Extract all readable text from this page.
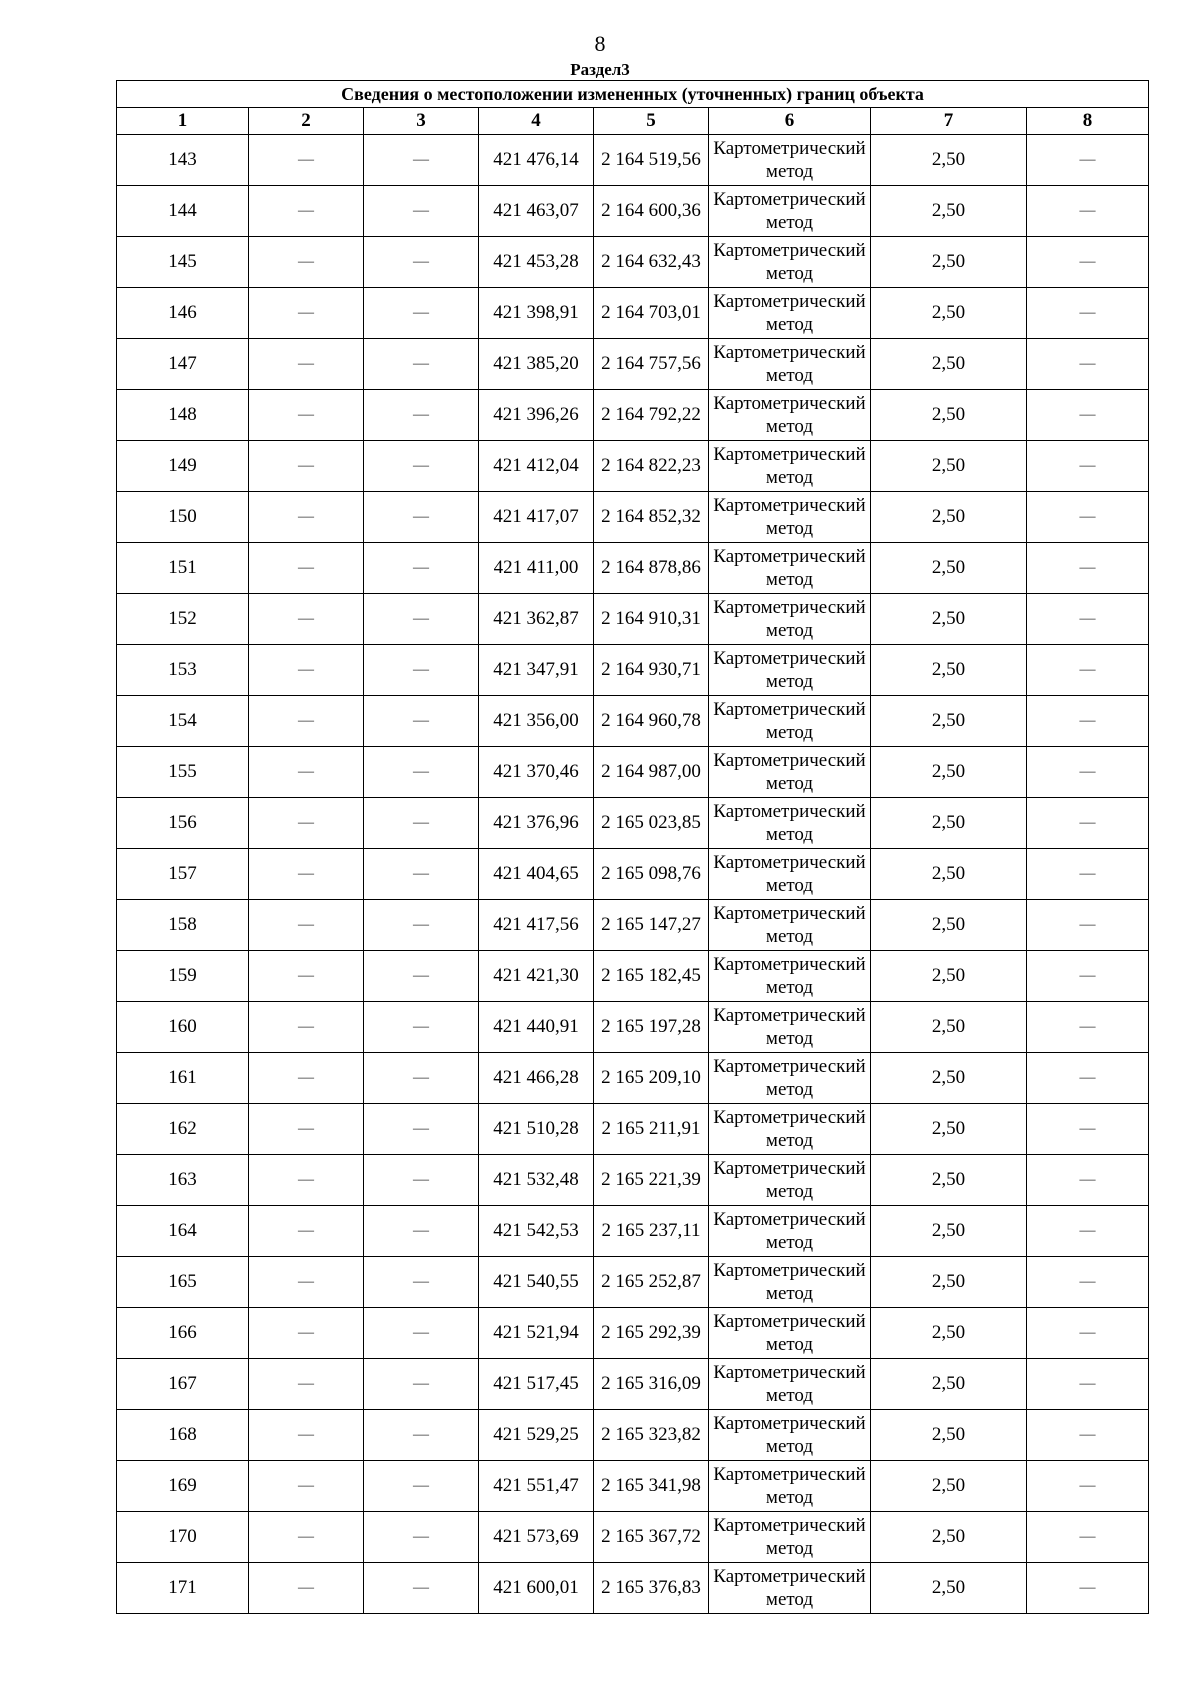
8
Раздел3
Сведения о местоположении измененных (уточненных) границ объекта							
1	2	3	4	5	6	7	8
143	—	—	421 476,14	2 164 519,56	Картометрический метод	2,50	—
144	—	—	421 463,07	2 164 600,36	Картометрический метод	2,50	—
145	—	—	421 453,28	2 164 632,43	Картометрический метод	2,50	—
146	—	—	421 398,91	2 164 703,01	Картометрический метод	2,50	—
147	—	—	421 385,20	2 164 757,56	Картометрический метод	2,50	—
148	—	—	421 396,26	2 164 792,22	Картометрический метод	2,50	—
149	—	—	421 412,04	2 164 822,23	Картометрический метод	2,50	—
150	—	—	421 417,07	2 164 852,32	Картометрический метод	2,50	—
151	—	—	421 411,00	2 164 878,86	Картометрический метод	2,50	—
152	—	—	421 362,87	2 164 910,31	Картометрический метод	2,50	—
153	—	—	421 347,91	2 164 930,71	Картометрический метод	2,50	—
154	—	—	421 356,00	2 164 960,78	Картометрический метод	2,50	—
155	—	—	421 370,46	2 164 987,00	Картометрический метод	2,50	—
156	—	—	421 376,96	2 165 023,85	Картометрический метод	2,50	—
157	—	—	421 404,65	2 165 098,76	Картометрический метод	2,50	—
158	—	—	421 417,56	2 165 147,27	Картометрический метод	2,50	—
159	—	—	421 421,30	2 165 182,45	Картометрический метод	2,50	—
160	—	—	421 440,91	2 165 197,28	Картометрический метод	2,50	—
161	—	—	421 466,28	2 165 209,10	Картометрический метод	2,50	—
162	—	—	421 510,28	2 165 211,91	Картометрический метод	2,50	—
163	—	—	421 532,48	2 165 221,39	Картометрический метод	2,50	—
164	—	—	421 542,53	2 165 237,11	Картометрический метод	2,50	—
165	—	—	421 540,55	2 165 252,87	Картометрический метод	2,50	—
166	—	—	421 521,94	2 165 292,39	Картометрический метод	2,50	—
167	—	—	421 517,45	2 165 316,09	Картометрический метод	2,50	—
168	—	—	421 529,25	2 165 323,82	Картометрический метод	2,50	—
169	—	—	421 551,47	2 165 341,98	Картометрический метод	2,50	—
170	—	—	421 573,69	2 165 367,72	Картометрический метод	2,50	—
171	—	—	421 600,01	2 165 376,83	Картометрический метод	2,50	—
